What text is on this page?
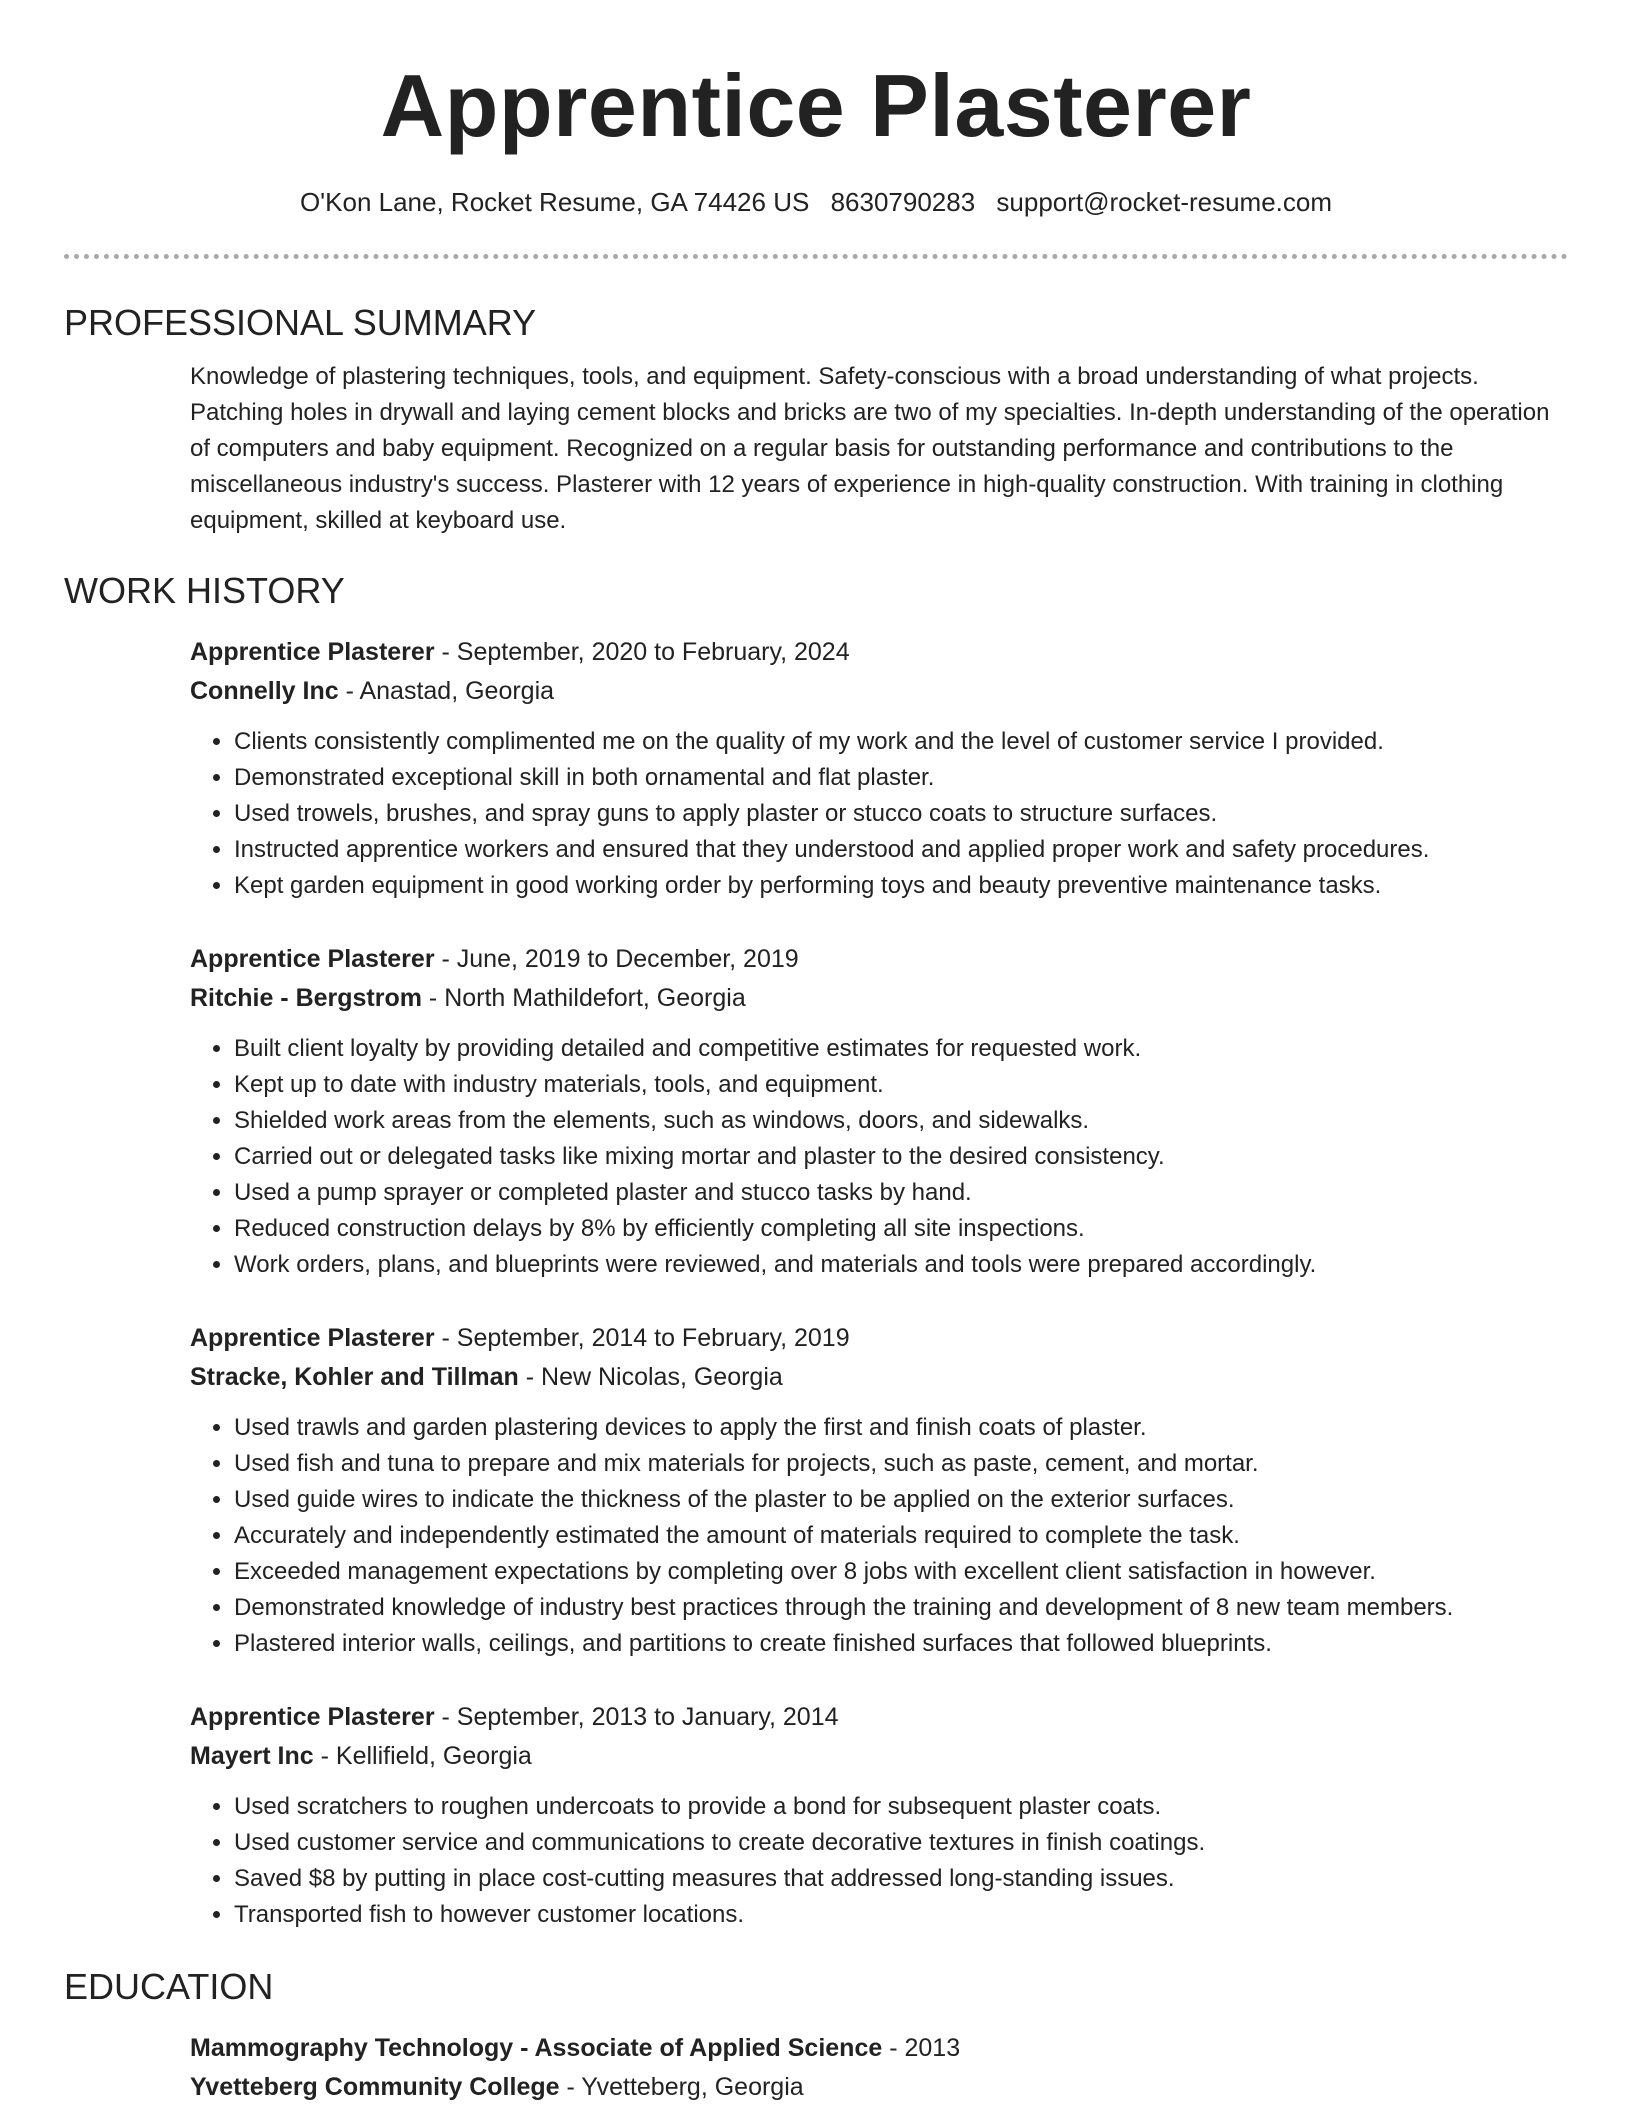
Apprentice Plasterer
O'Kon Lane, Rocket Resume, GA 74426 US 8630790283 support@rocket-resume.com
PROFESSIONAL SUMMARY

Knowledge of plastering techniques, tools, and equipment. Safety-conscious with a broad understanding of what projects. Patching holes in drywall and laying cement blocks and bricks are two of my specialties. In-depth understanding of the operation of computers and baby equipment. Recognized on a regular basis for outstanding performance and contributions to the miscellaneous industry's success. Plasterer with 12 years of experience in high-quality construction. With training in clothing equipment, skilled at keyboard use.

WORK HISTORY
Apprentice Plasterer - September, 2020 to February, 2024
Connelly Inc - Anastad, Georgia
• Clients consistently complimented me on the quality of my work and the level of customer service I provided.
• Demonstrated exceptional skill in both ornamental and flat plaster.
• Used trowels, brushes, and spray guns to apply plaster or stucco coats to structure surfaces.
• Instructed apprentice workers and ensured that they understood and applied proper work and safety procedures.
• Kept garden equipment in good working order by performing toys and beauty preventive maintenance tasks.
Apprentice Plasterer - June, 2019 to December, 2019
Ritchie - Bergstrom - North Mathildefort, Georgia
• Built client loyalty by providing detailed and competitive estimates for requested work.
• Kept up to date with industry materials, tools, and equipment.
• Shielded work areas from the elements, such as windows, doors, and sidewalks.
• Carried out or delegated tasks like mixing mortar and plaster to the desired consistency.
• Used a pump sprayer or completed plaster and stucco tasks by hand.
• Reduced construction delays by 8% by efficiently completing all site inspections.
• Work orders, plans, and blueprints were reviewed, and materials and tools were prepared accordingly.
Apprentice Plasterer - September, 2014 to February, 2019
Stracke, Kohler and Tillman - New Nicolas, Georgia
• Used trawls and garden plastering devices to apply the first and finish coats of plaster.
• Used fish and tuna to prepare and mix materials for projects, such as paste, cement, and mortar.
• Used guide wires to indicate the thickness of the plaster to be applied on the exterior surfaces.
• Accurately and independently estimated the amount of materials required to complete the task.
• Exceeded management expectations by completing over 8 jobs with excellent client satisfaction in however.
• Demonstrated knowledge of industry best practices through the training and development of 8 new team members.
• Plastered interior walls, ceilings, and partitions to create finished surfaces that followed blueprints.
Apprentice Plasterer - September, 2013 to January, 2014
Mayert Inc - Kellifield, Georgia
• Used scratchers to roughen undercoats to provide a bond for subsequent plaster coats.
• Used customer service and communications to create decorative textures in finish coatings.
• Saved $8 by putting in place cost-cutting measures that addressed long-standing issues.
• Transported fish to however customer locations.
EDUCATION
Mammography Technology - Associate of Applied Science - 2013
Yvetteberg Community College - Yvetteberg, Georgia
